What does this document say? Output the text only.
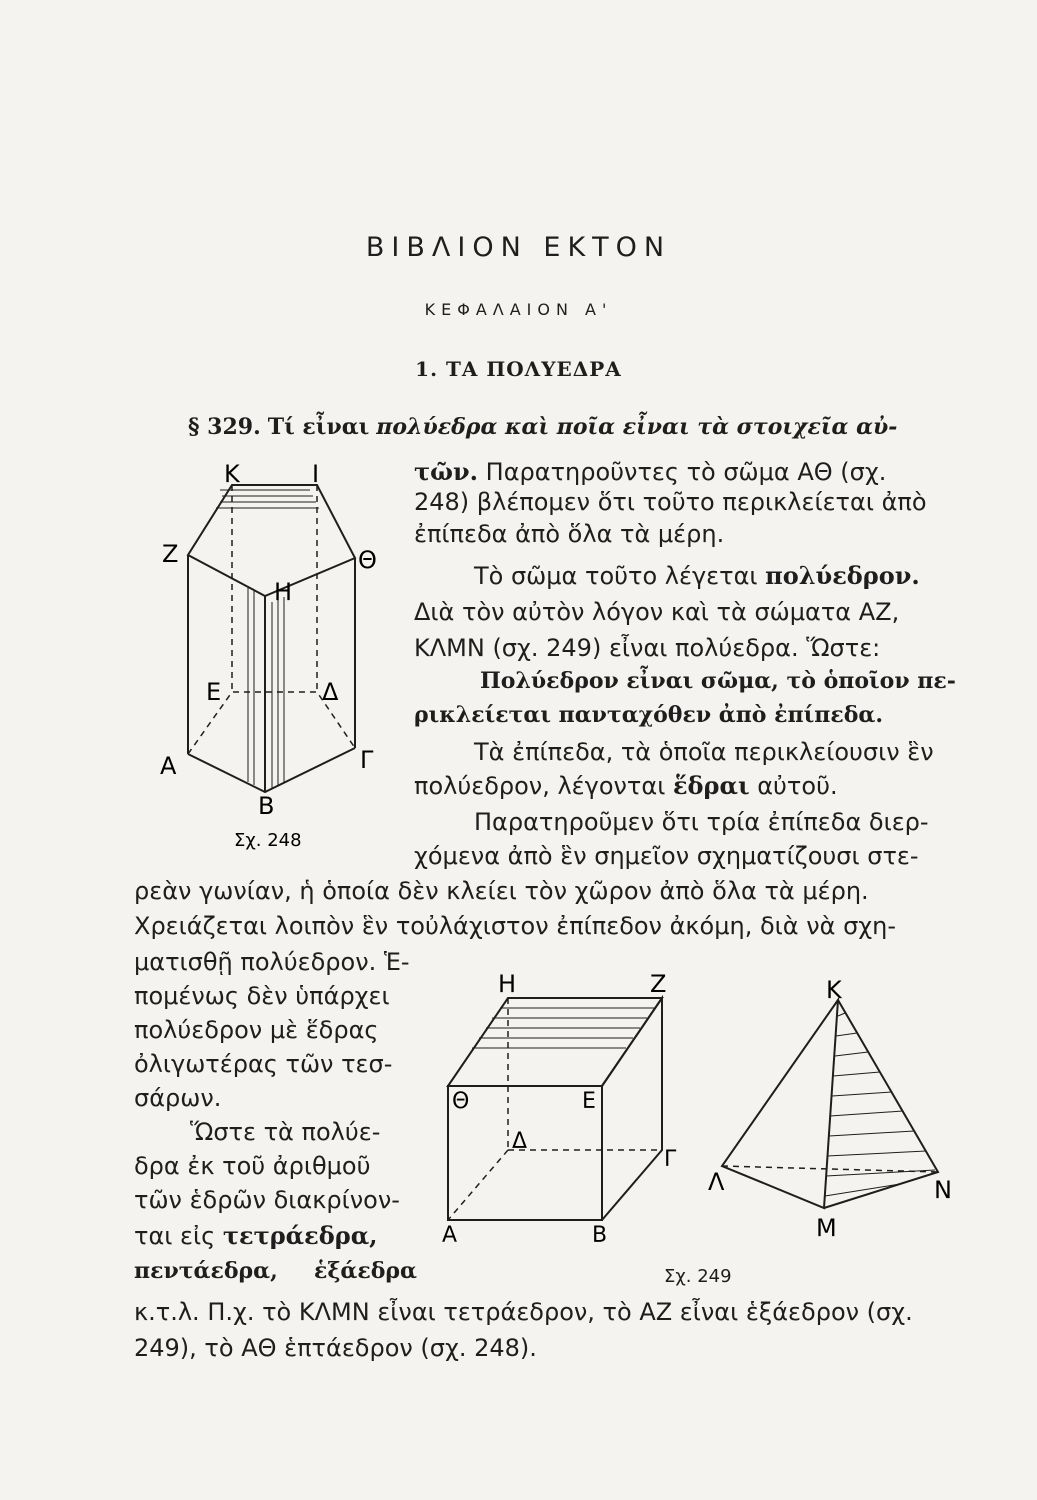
ΒΙΒΛΙΟΝ ΕΚΤΟΝ
ΚΕΦΑΛΑΙΟΝ Α'
1. ΤΑ ΠΟΛΥΕΔΡΑ
§ 329. Τί εἶναι πολύεδρα καὶ ποῖα εἶναι τὰ στοιχεῖα αὐ-
τῶν. Παρατηροῦντες τὸ σῶμα ΑΘ (σχ.
248) βλέπομεν ὅτι τοῦτο περικλείεται ἀπὸ
ἐπίπεδα ἀπὸ ὅλα τὰ μέρη.
Τὸ σῶμα τοῦτο λέγεται πολύεδρον.
Διὰ τὸν αὐτὸν λόγον καὶ τὰ σώματα ΑΖ,
ΚΛΜΝ (σχ. 249) εἶναι πολύεδρα. Ὥστε:
Πολύεδρον εἶναι σῶμα, τὸ ὁποῖον πε-
ρικλείεται πανταχόθεν ἀπὸ ἐπίπεδα.
Τὰ ἐπίπεδα, τὰ ὁποῖα περικλείουσιν ἓν
πολύεδρον, λέγονται ἕδραι αὐτοῦ.
Παρατηροῦμεν ὅτι τρία ἐπίπεδα διερ-
χόμενα ἀπὸ ἓν σημεῖον σχηματίζουσι στε-
ρεὰν γωνίαν, ἡ ὁποία δὲν κλείει τὸν χῶρον ἀπὸ ὅλα τὰ μέρη.
Χρειάζεται λοιπὸν ἓν τοὐλάχιστον ἐπίπεδον ἀκόμη, διὰ νὰ σχη-
ματισθῇ πολύεδρον. Ἑ-
πομένως δὲν ὑπάρχει
πολύεδρον μὲ ἕδρας
ὀλιγωτέρας τῶν τεσ-
σάρων.
Ὥστε τὰ πολύε-
δρα ἐκ τοῦ ἀριθμοῦ
τῶν ἑδρῶν διακρίνον-
ται εἰς τετράεδρα,
πεντάεδρα, ἑξάεδρα
κ.τ.λ. Π.χ. τὸ ΚΛΜΝ εἶναι τετράεδρον, τὸ ΑΖ εἶναι ἑξάεδρον (σχ.
249), τὸ ΑΘ ἑπτάεδρον (σχ. 248).
Κ	Ι
Ζ	Θ
Η
Ε	Δ
Α	Γ
Β
Σχ. 248
Η	Ζ
Θ	Ε
Δ
Γ
Α	Β
Κ
Λ	Ν
Μ
Σχ. 249
